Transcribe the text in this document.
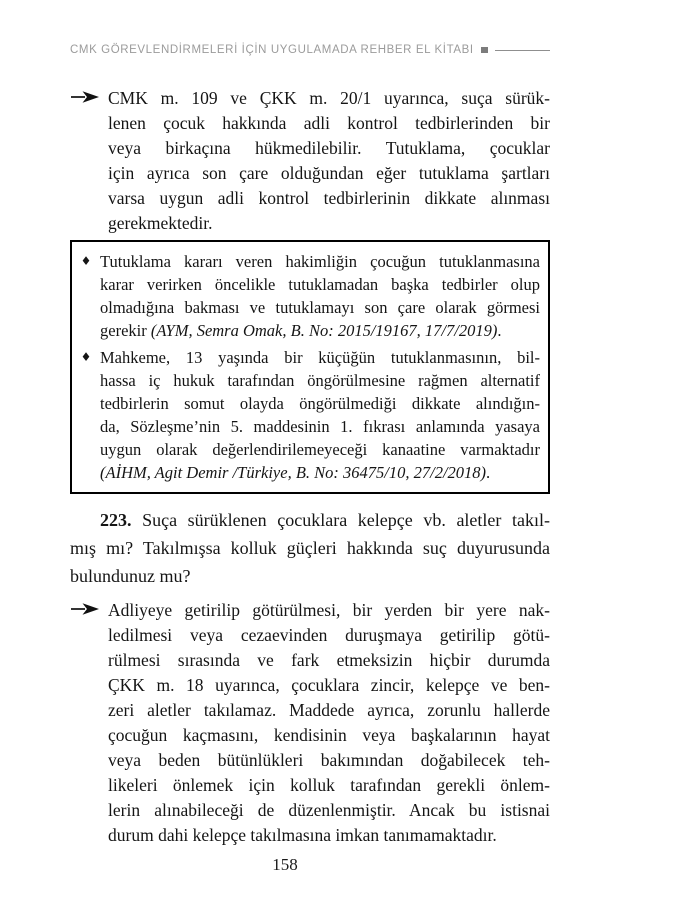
CMK GÖREVLENDİRMELERİ İÇİN UYGULAMADA REHBER EL KİTABI
CMK m. 109 ve ÇKK m. 20/1 uyarınca, suça sürük-
lenen çocuk hakkında adli kontrol tedbirlerinden bir
veya birkaçına hükmedilebilir. Tutuklama, çocuklar
için ayrıca son çare olduğundan eğer tutuklama şartları
varsa uygun adli kontrol tedbirlerinin dikkate alınması
gerekmektedir.
♦ Tutuklama kararı veren hakimliğin çocuğun tutuklanmasına
karar verirken öncelikle tutuklamadan başka tedbirler olup
olmadığına bakması ve tutuklamayı son çare olarak görmesi
gerekir (AYM, Semra Omak, B. No: 2015/19167, 17/7/2019).
♦ Mahkeme, 13 yaşında bir küçüğün tutuklanmasının, bil-
hassa iç hukuk tarafından öngörülmesine rağmen alternatif
tedbirlerin somut olayda öngörülmediği dikkate alındığın-
da, Sözleşme’nin 5. maddesinin 1. fıkrası anlamında yasaya
uygun olarak değerlendirilemeyeceği kanaatine varmaktadır
(AİHM, Agit Demir /Türkiye, B. No: 36475/10, 27/2/2018).
223. Suça sürüklenen çocuklara kelepçe vb. aletler takıl-
mış mı? Takılmışsa kolluk güçleri hakkında suç duyurusunda
bulundunuz mu?
Adliyeye getirilip götürülmesi, bir yerden bir yere nak-
ledilmesi veya cezaevinden duruşmaya getirilip götü-
rülmesi sırasında ve fark etmeksizin hiçbir durumda
ÇKK m. 18 uyarınca, çocuklara zincir, kelepçe ve ben-
zeri aletler takılamaz. Maddede ayrıca, zorunlu hallerde
çocuğun kaçmasını, kendisinin veya başkalarının hayat
veya beden bütünlükleri bakımından doğabilecek teh-
likeleri önlemek için kolluk tarafından gerekli önlem-
lerin alınabileceği de düzenlenmiştir. Ancak bu istisnai
durum dahi kelepçe takılmasına imkan tanımamaktadır.
158
